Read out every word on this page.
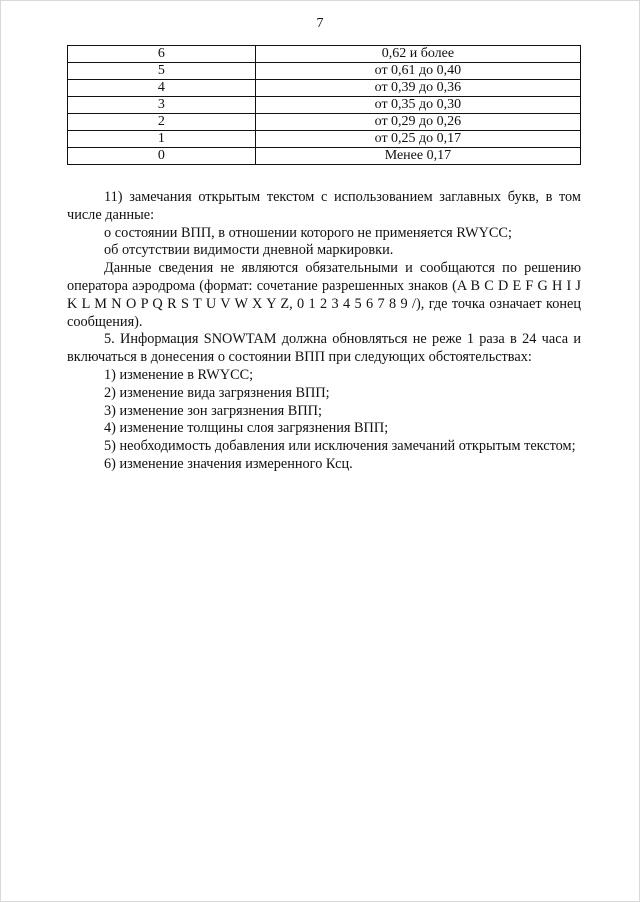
7
6	0,62 и более
5	от 0,61 до 0,40
4	от 0,39 до 0,36
3	от 0,35 до 0,30
2	от 0,29 до 0,26
1	от 0,25 до 0,17
0	Менее 0,17

11) замечания открытым текстом с использованием заглавных букв, в том числе данные:

о состоянии ВПП, в отношении которого не применяется RWYCC;

об отсутствии видимости дневной маркировки.

Данные сведения не являются обязательными и сообщаются по решению оператора аэродрома (формат: сочетание разрешенных знаков (A B C D E F G H I J K L M N O P Q R S T U V W X Y Z, 0 1 2 3 4 5 6 7 8 9 /), где точка означает конец сообщения).

5. Информация SNOWTAM должна обновляться не реже 1 раза в 24 часа и включаться в донесения о состоянии ВПП при следующих обстоятельствах:

1) изменение в RWYCC;

2) изменение вида загрязнения ВПП;

3) изменение зон загрязнения ВПП;

4) изменение толщины слоя загрязнения ВПП;

5) необходимость добавления или исключения замечаний открытым текстом;

6) изменение значения измеренного Ксц.
